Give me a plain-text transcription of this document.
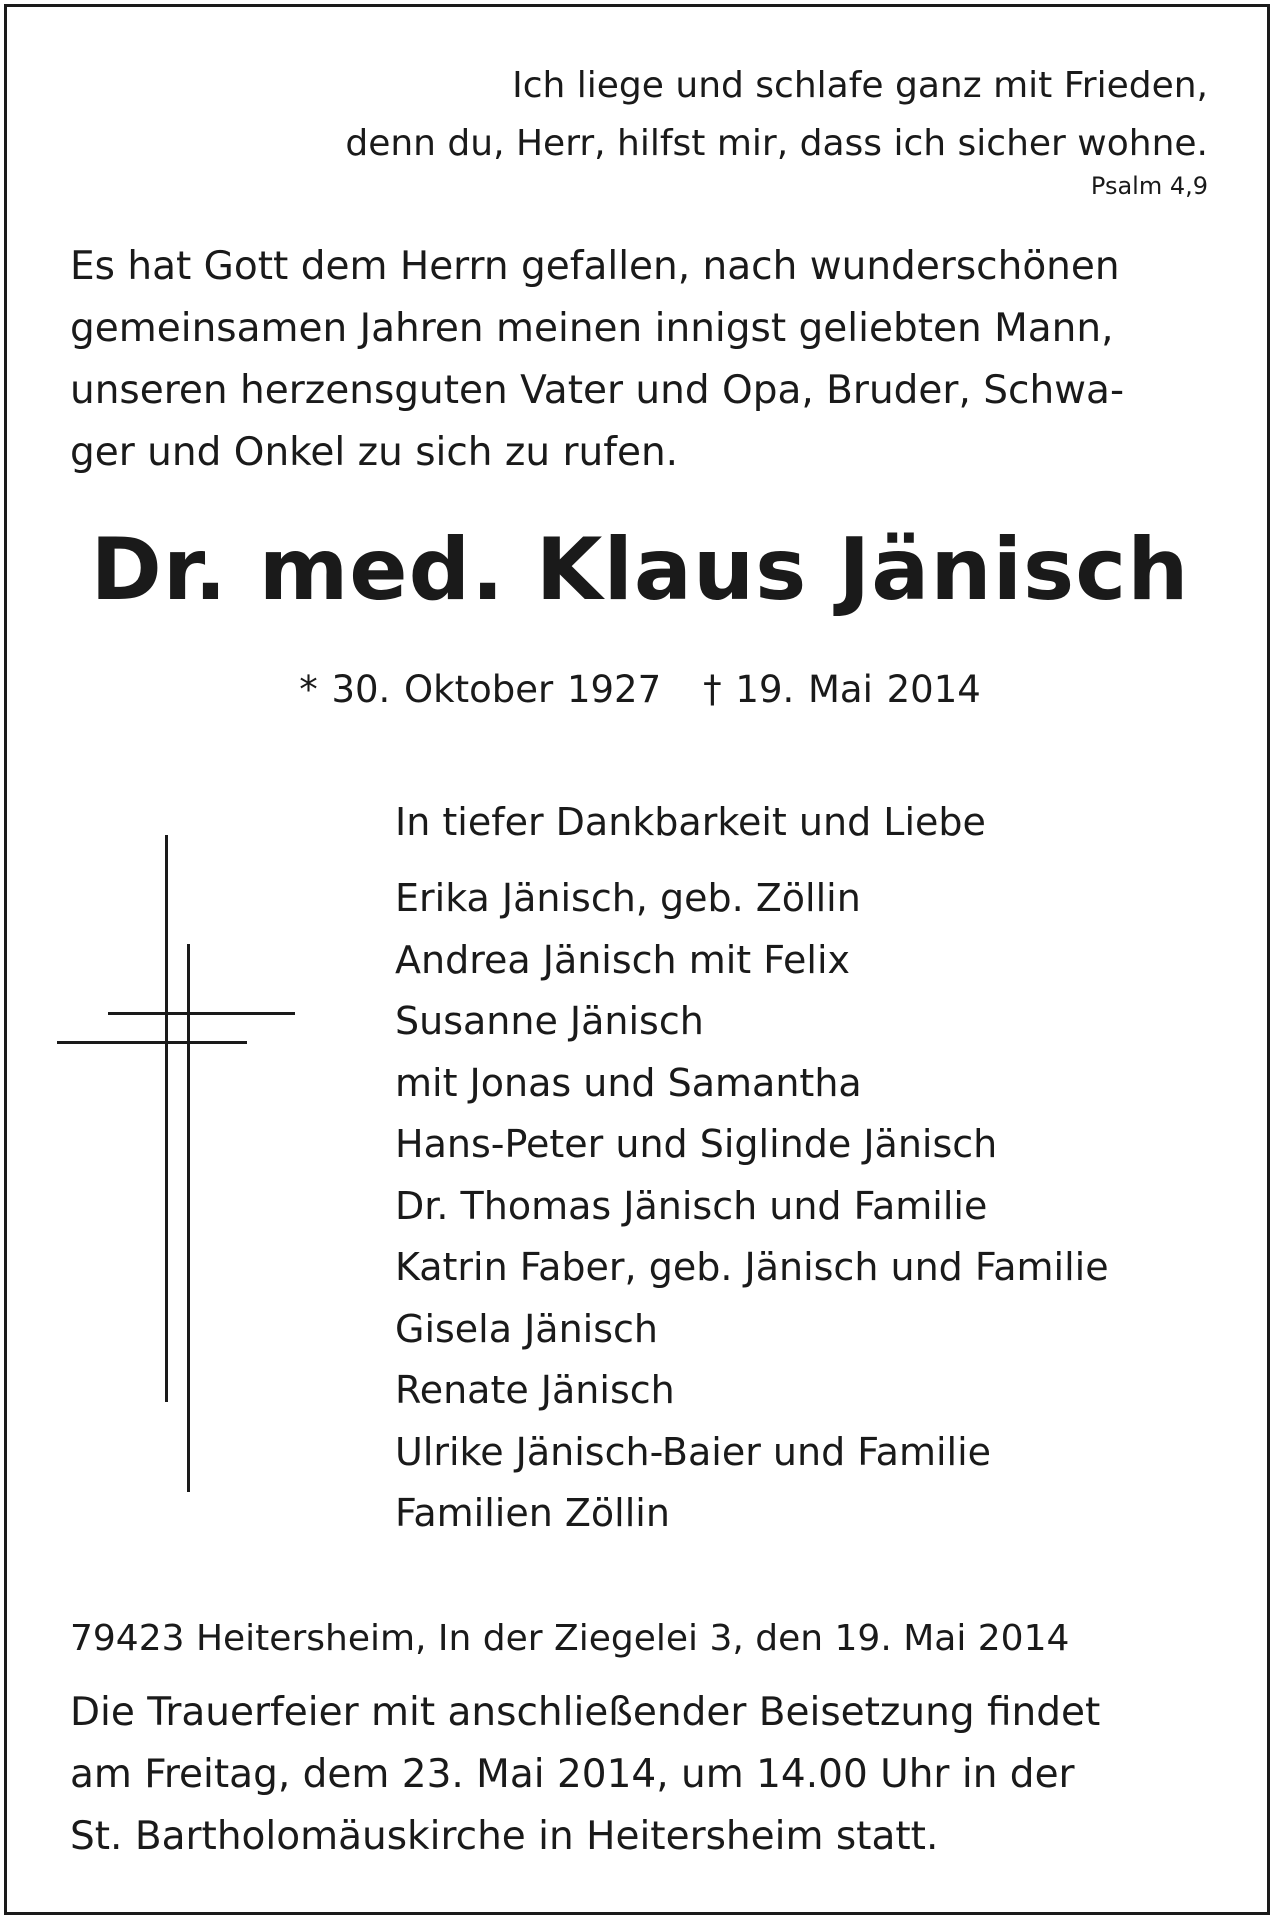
Ich liege und schlafe ganz mit Frieden,

denn du, Herr, hilfst mir, dass ich sicher wohne.

Psalm 4,9

Es hat Gott dem Herrn gefallen, nach wunderschönen

gemeinsamen Jahren meinen innigst geliebten Mann,

unseren herzensguten Vater und Opa, Bruder, Schwa-

ger und Onkel zu sich zu rufen.

Dr. med. Klaus Jänisch
* 30. Oktober 1927 † 19. Mai 2014

In tiefer Dankbarkeit und Liebe

Erika Jänisch, geb. Zöllin
Andrea Jänisch mit Felix
Susanne Jänisch
mit Jonas und Samantha
Hans-Peter und Siglinde Jänisch
Dr. Thomas Jänisch und Familie
Katrin Faber, geb. Jänisch und Familie
Gisela Jänisch
Renate Jänisch
Ulrike Jänisch-Baier und Familie
Familien Zöllin

79423 Heitersheim, In der Ziegelei 3, den 19. Mai 2014

Die Trauerfeier mit anschließender Beisetzung findet

am Freitag, dem 23. Mai 2014, um 14.00 Uhr in der

St. Bartholomäuskirche in Heitersheim statt.
